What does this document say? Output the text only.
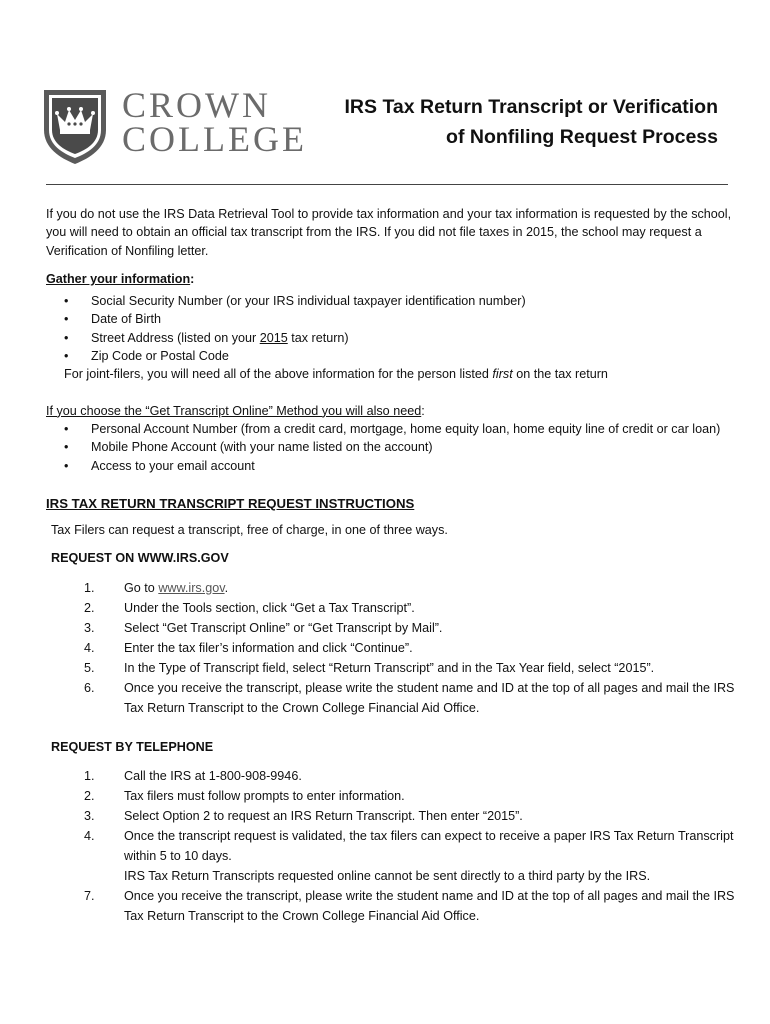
CROWN
COLLEGE
IRS Tax Return Transcript or Verification
of Nonfiling Request Process

If you do not use the IRS Data Retrieval Tool to provide tax information and your tax information is requested by the school, you will need to obtain an official tax transcript from the IRS. If you did not file taxes in 2015, the school may request a Verification of Nonfiling letter.

Gather your information:

• Social Security Number (or your IRS individual taxpayer identification number)
• Date of Birth
• Street Address (listed on your 2015 tax return)
• Zip Code or Postal Code

For joint-filers, you will need all of the above information for the person listed first on the tax return

If you choose the “Get Transcript Online” Method you will also need:

• Personal Account Number (from a credit card, mortgage, home equity loan, home equity line of credit or car loan)
• Mobile Phone Account (with your name listed on the account)
• Access to your email account
IRS TAX RETURN TRANSCRIPT REQUEST INSTRUCTIONS

Tax Filers can request a transcript, free of charge, in one of three ways.

REQUEST ON WWW.IRS.GOV

1. Go to www.irs.gov.
2. Under the Tools section, click “Get a Tax Transcript”.
3. Select “Get Transcript Online” or “Get Transcript by Mail”.
4. Enter the tax filer’s information and click “Continue”.
5. In the Type of Transcript field, select “Return Transcript” and in the Tax Year field, select “2015”.
6. Once you receive the transcript, please write the student name and ID at the top of all pages and mail the IRS Tax Return Transcript to the Crown College Financial Aid Office.

REQUEST BY TELEPHONE

1. Call the IRS at 1-800-908-9946.
2. Tax filers must follow prompts to enter information.
3. Select Option 2 to request an IRS Return Transcript. Then enter “2015”.
4. Once the transcript request is validated, the tax filers can expect to receive a paper IRS Tax Return Transcript within 5 to 10 days.
IRS Tax Return Transcripts requested online cannot be sent directly to a third party by the IRS.
7. Once you receive the transcript, please write the student name and ID at the top of all pages and mail the IRS Tax Return Transcript to the Crown College Financial Aid Office.
